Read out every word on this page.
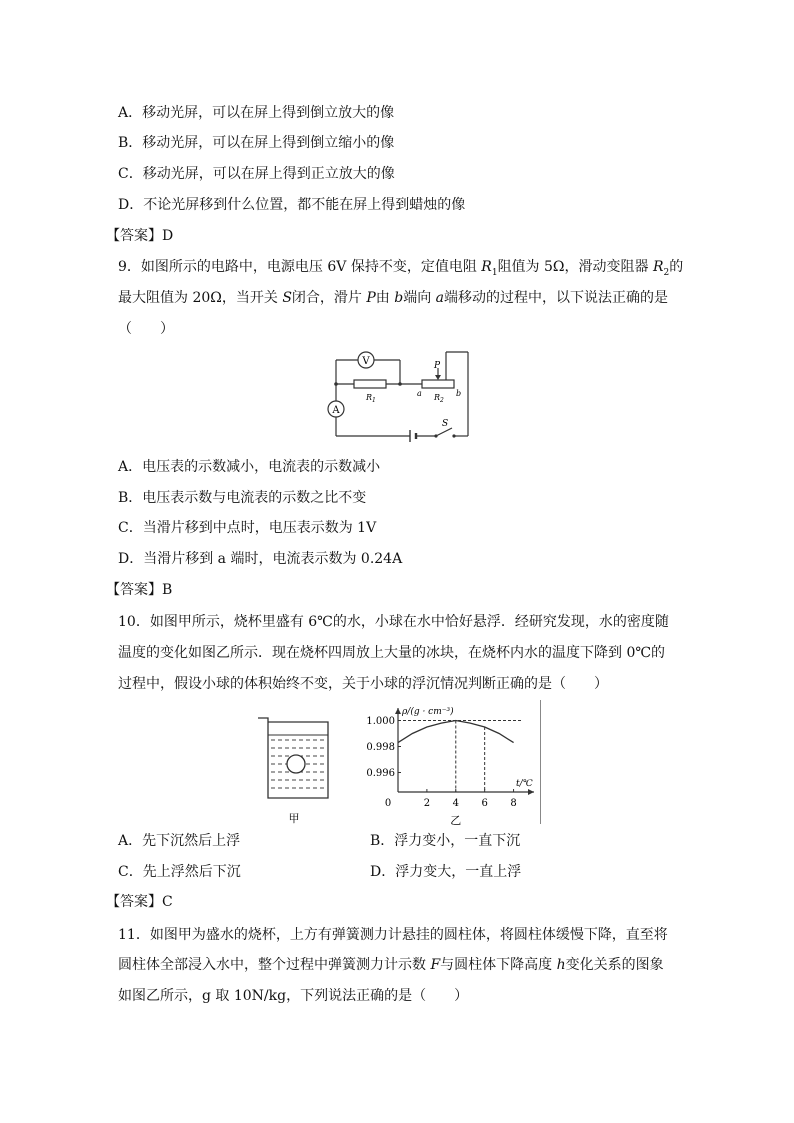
A．移动光屏，可以在屏上得到倒立放大的像
B．移动光屏，可以在屏上得到倒立缩小的像
C．移动光屏，可以在屏上得到正立放大的像
D．不论光屏移到什么位置，都不能在屏上得到蜡烛的像
【答案】D
9．如图所示的电路中，电源电压 6V 保持不变，定值电阻 $R_1$阻值为 5Ω，滑动变阻器 $R_2$的
最大阻值为 20Ω，当开关 S闭合，滑片 P由 b端向 a端移动的过程中，以下说法正确的是
（　　）
V
A
P
$R_1$	$R_2$
a	b
S
A．电压表的示数减小，电流表的示数减小
B．电压表示数与电流表的示数之比不变
C．当滑片移到中点时，电压表示数为 1V
D．当滑片移到 a 端时，电流表示数为 0.24A
【答案】B
10．如图甲所示，烧杯里盛有 6℃的水，小球在水中恰好悬浮．经研究发现，水的密度随
温度的变化如图乙所示．现在烧杯四周放上大量的冰块，在烧杯内水的温度下降到 0℃的
过程中，假设小球的体积始终不变，关于小球的浮沉情况判断正确的是（　　）
甲
ρ/(g · cm⁻³)
t/℃
乙
0	2 4 6 8
1.000
0.998
0.996
A．先下沉然后上浮	B．浮力变小，一直下沉
C．先上浮然后下沉	D．浮力变大，一直上浮
【答案】C
11．如图甲为盛水的烧杯，上方有弹簧测力计悬挂的圆柱体，将圆柱体缓慢下降，直至将
圆柱体全部浸入水中，整个过程中弹簧测力计示数 F与圆柱体下降高度 h变化关系的图象
如图乙所示，g 取 10N/kg，下列说法正确的是（　　）
